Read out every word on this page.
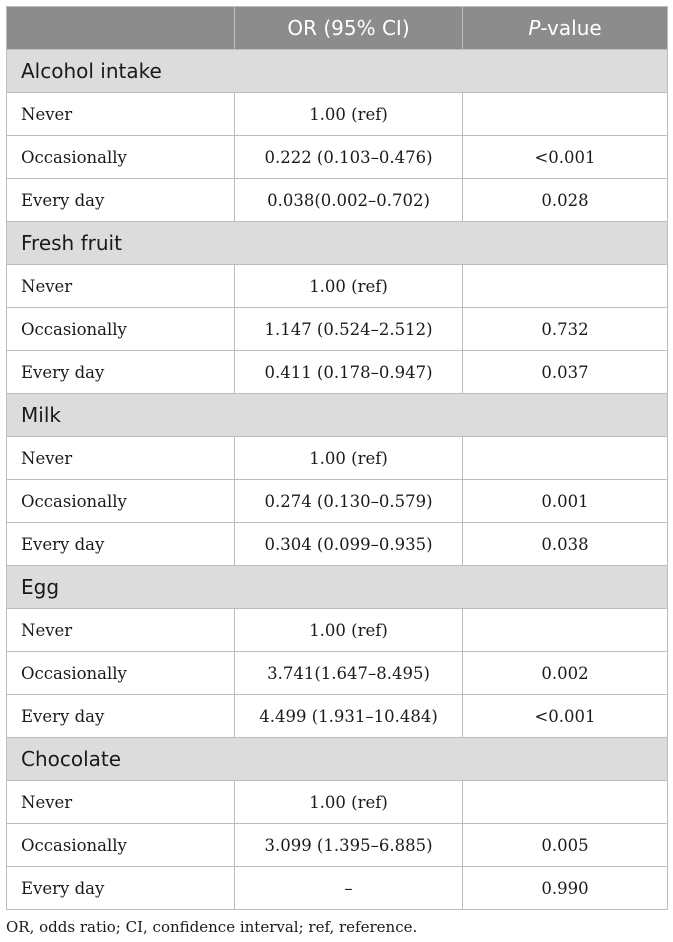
	OR (95% CI)	P-value
Alcohol intake		
Never	1.00 (ref)	
Occasionally	0.222 (0.103–0.476)	<0.001
Every day	0.038(0.002–0.702)	0.028
Fresh fruit		
Never	1.00 (ref)	
Occasionally	1.147 (0.524–2.512)	0.732
Every day	0.411 (0.178–0.947)	0.037
Milk		
Never	1.00 (ref)	
Occasionally	0.274 (0.130–0.579)	0.001
Every day	0.304 (0.099–0.935)	0.038
Egg		
Never	1.00 (ref)	
Occasionally	3.741(1.647–8.495)	0.002
Every day	4.499 (1.931–10.484)	<0.001
Chocolate		
Never	1.00 (ref)	
Occasionally	3.099 (1.395–6.885)	0.005
Every day	–	0.990
OR, odds ratio; CI, confidence interval; ref, reference.
